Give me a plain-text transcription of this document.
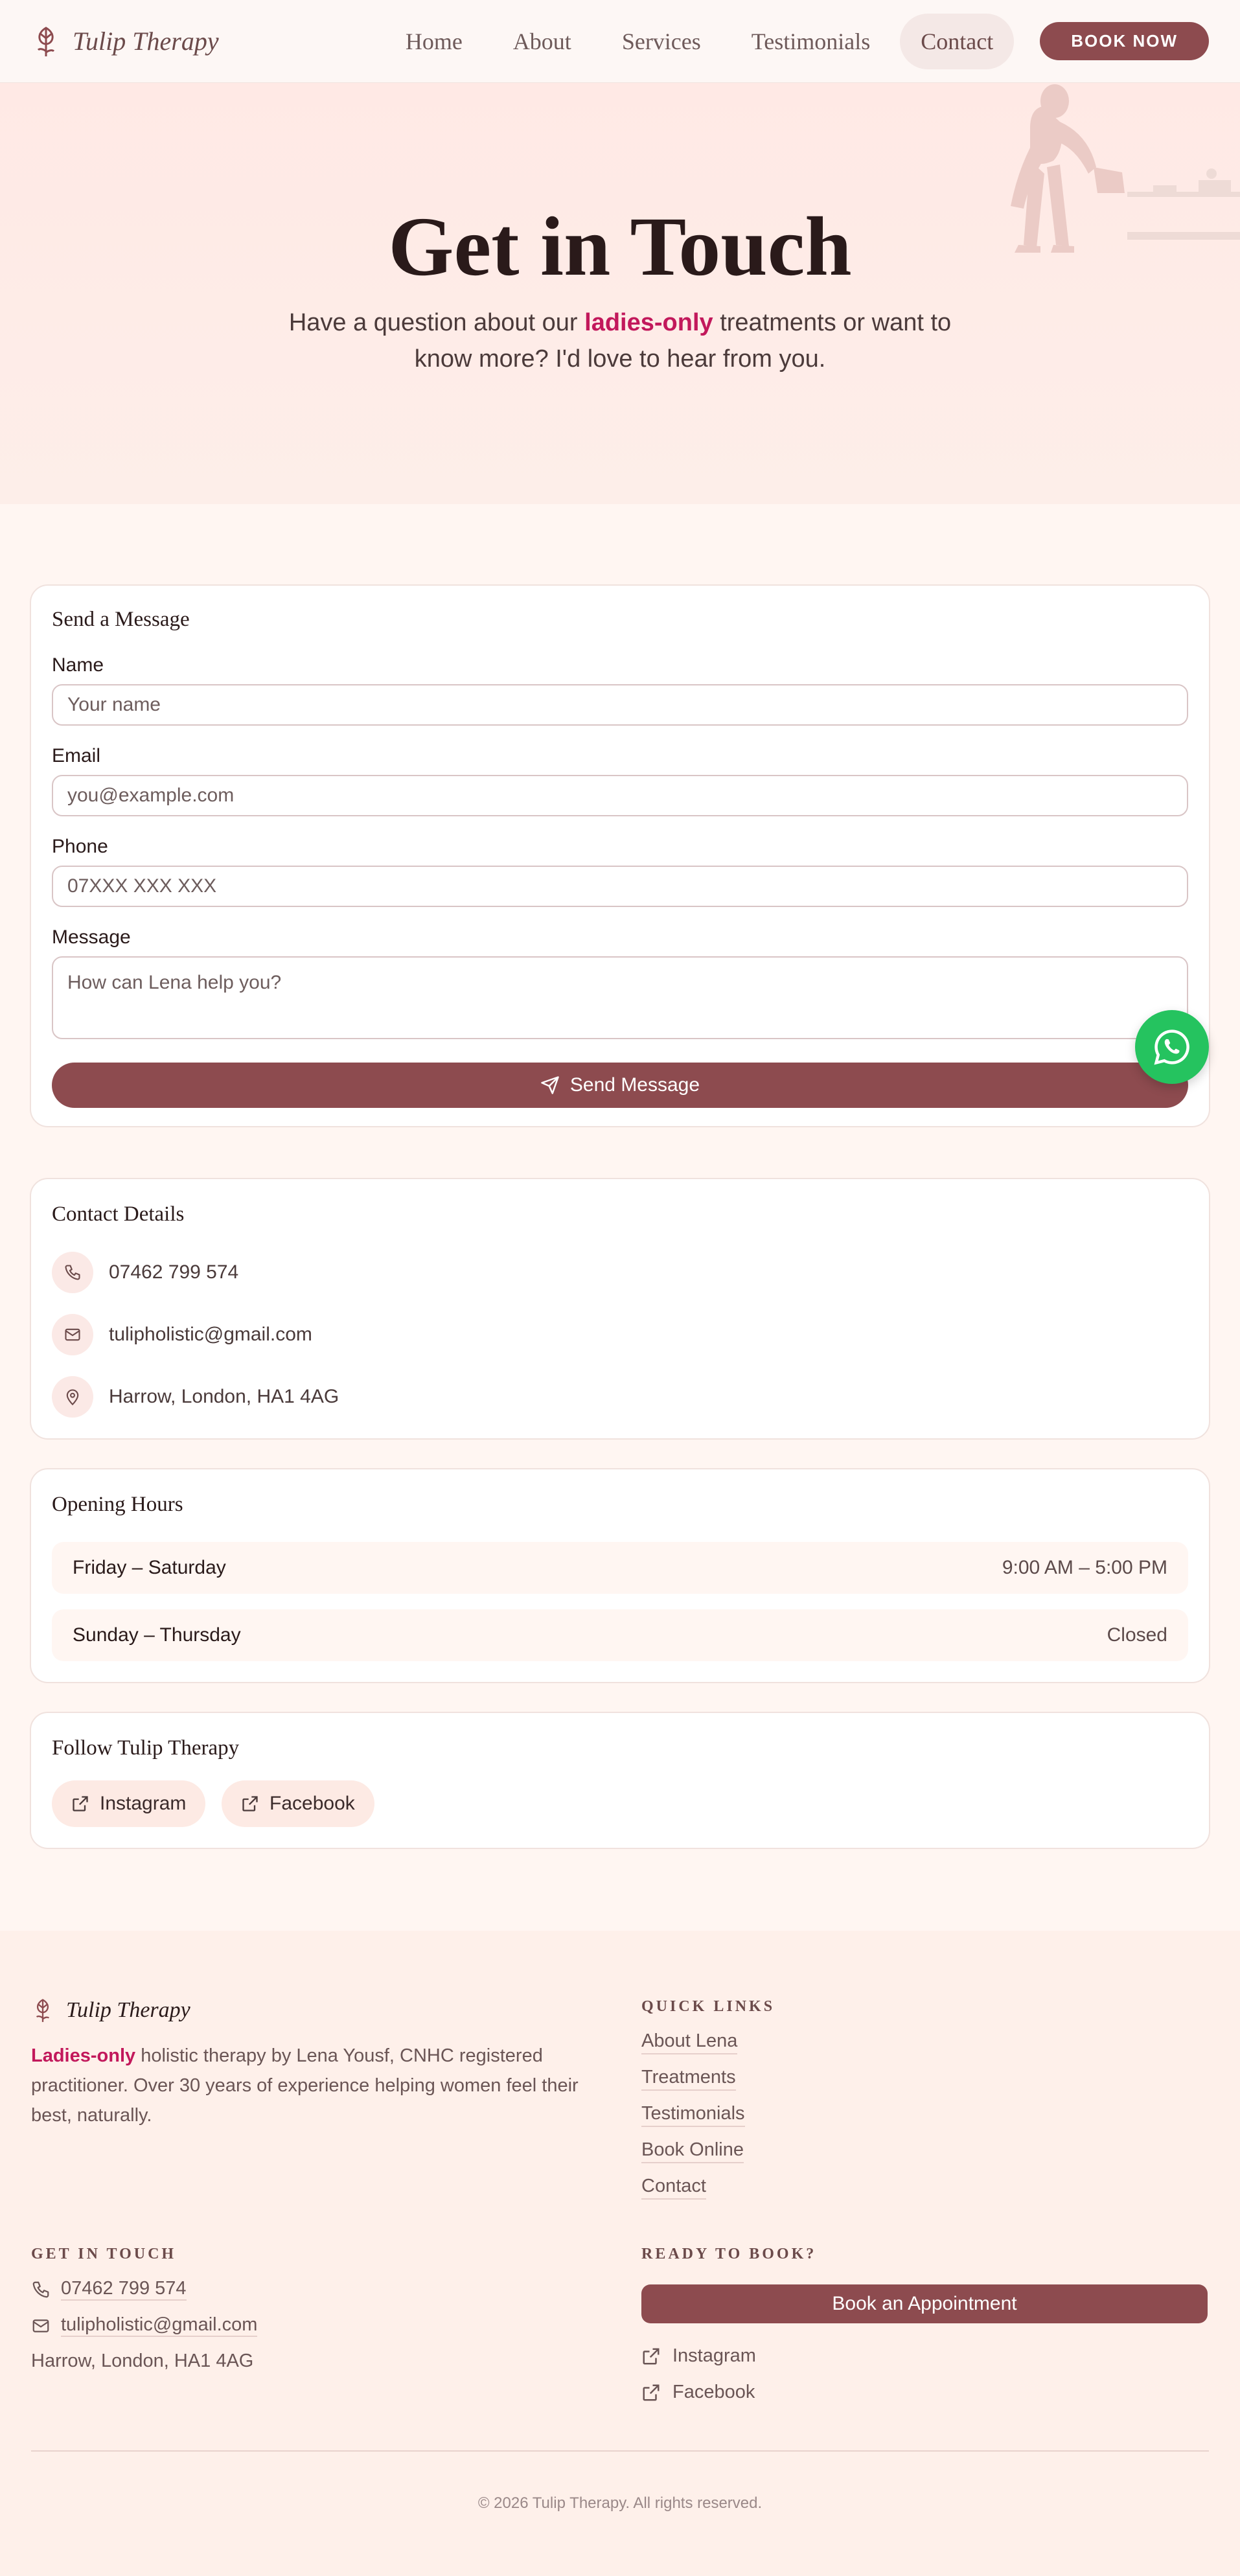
Tulip Therapy	Home	About	Services	Testimonials	Contact	BOOK NOW
Get in Touch

Have a question about our ladies-only treatments or want to know more? I'd love to hear from you.

Send a Message
Name
Your name
Email
you@example.com
Phone
07XXX XXX XXX
Message
How can Lena help you?
Send Message
Contact Details
07462 799 574
tulipholistic@gmail.com
Harrow, London, HA1 4AG
Opening Hours
Friday – Saturday	9:00 AM – 5:00 PM
Sunday – Thursday	Closed
Follow Tulip Therapy
Instagram	Facebook
Tulip Therapy

Ladies-only holistic therapy by Lena Yousf, CNHC registered practitioner. Over 30 years of experience helping women feel their best, naturally.

QUICK LINKS
About Lena
Treatments
Testimonials
Book Online
Contact
GET IN TOUCH
07462 799 574
tulipholistic@gmail.com
Harrow, London, HA1 4AG
READY TO BOOK?
Book an Appointment
Instagram
Facebook
© 2026 Tulip Therapy. All rights reserved.
